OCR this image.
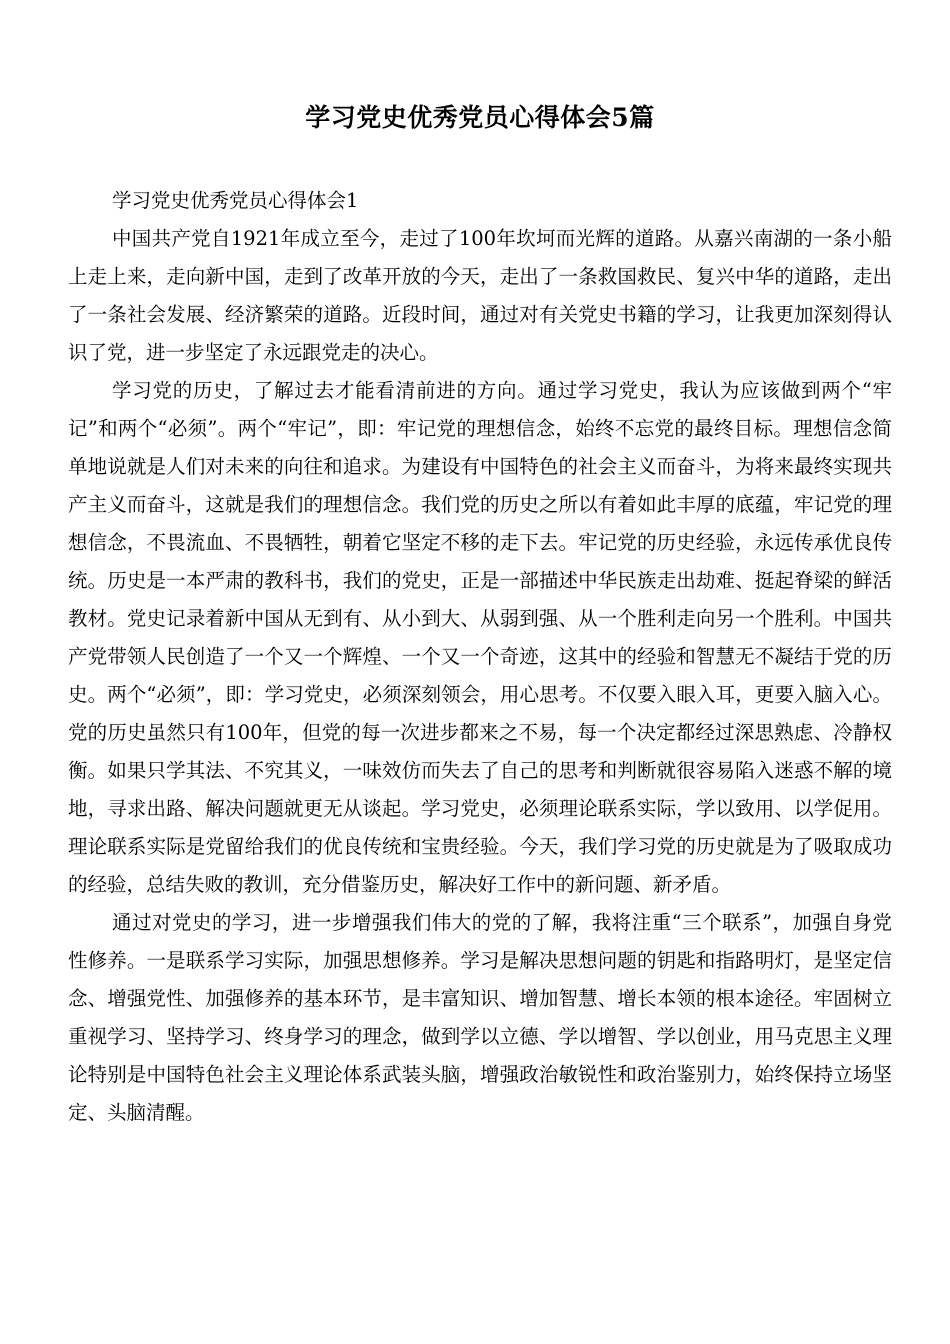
学习党史优秀党员心得体会5篇

学习党史优秀党员心得体会1

中国共产党自1921年成立至今，走过了100年坎坷而光辉的道路。从嘉兴南湖的一条小船上走上来，走向新中国，走到了改革开放的今天，走出了一条救国救民、复兴中华的道路，走出了一条社会发展、经济繁荣的道路。近段时间，通过对有关党史书籍的学习，让我更加深刻得认识了党，进一步坚定了永远跟党走的决心。

学习党的历史，了解过去才能看清前进的方向。通过学习党史，我认为应该做到两个“牢记”和两个“必须”。两个“牢记”，即：牢记党的理想信念，始终不忘党的最终目标。理想信念简单地说就是人们对未来的向往和追求。为建设有中国特色的社会主义而奋斗，为将来最终实现共产主义而奋斗，这就是我们的理想信念。我们党的历史之所以有着如此丰厚的底蕴，牢记党的理想信念，不畏流血、不畏牺牲，朝着它坚定不移的走下去。牢记党的历史经验，永远传承优良传统。历史是一本严肃的教科书，我们的党史，正是一部描述中华民族走出劫难、挺起脊梁的鲜活教材。党史记录着新中国从无到有、从小到大、从弱到强、从一个胜利走向另一个胜利。中国共产党带领人民创造了一个又一个辉煌、一个又一个奇迹，这其中的经验和智慧无不凝结于党的历史。两个“必须”，即：学习党史，必须深刻领会，用心思考。不仅要入眼入耳，更要入脑入心。党的历史虽然只有100年，但党的每一次进步都来之不易，每一个决定都经过深思熟虑、冷静权衡。如果只学其法、不究其义，一味效仿而失去了自己的思考和判断就很容易陷入迷惑不解的境地，寻求出路、解决问题就更无从谈起。学习党史，必须理论联系实际，学以致用、以学促用。理论联系实际是党留给我们的优良传统和宝贵经验。今天，我们学习党的历史就是为了吸取成功的经验，总结失败的教训，充分借鉴历史，解决好工作中的新问题、新矛盾。

通过对党史的学习，进一步增强我们伟大的党的了解，我将注重“三个联系”，加强自身党性修养。一是联系学习实际，加强思想修养。学习是解决思想问题的钥匙和指路明灯，是坚定信念、增强党性、加强修养的基本环节，是丰富知识、增加智慧、增长本领的根本途径。牢固树立重视学习、坚持学习、终身学习的理念，做到学以立德、学以增智、学以创业，用马克思主义理论特别是中国特色社会主义理论体系武装头脑，增强政治敏锐性和政治鉴别力，始终保持立场坚定、头脑清醒。
